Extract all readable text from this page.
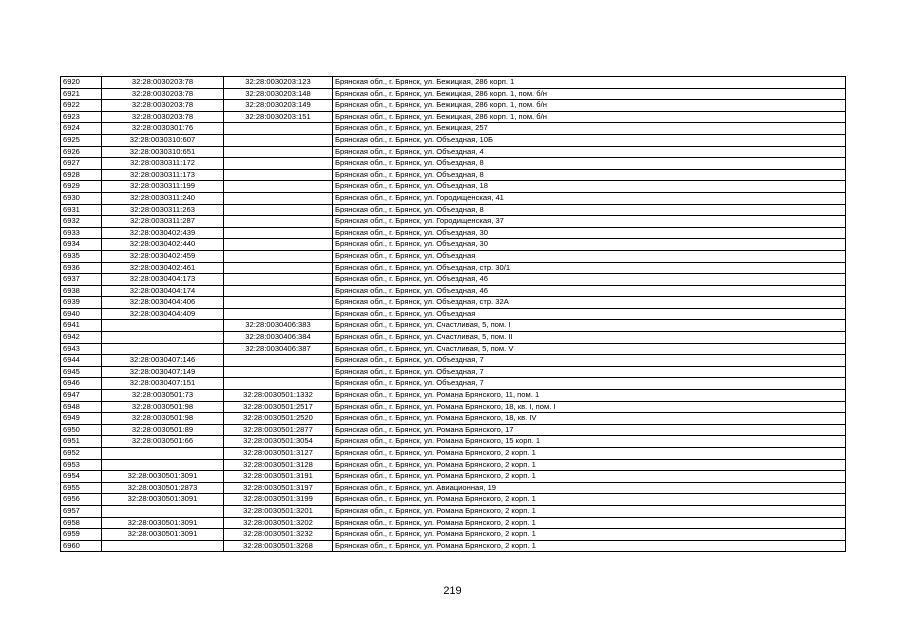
6920	32:28:0030203:78	32:28:0030203:123	Брянская обл., г. Брянск, ул. Бежицкая, 286 корп. 1
6921	32:28:0030203:78	32:28:0030203:148	Брянская обл., г. Брянск, ул. Бежицкая, 286 корп. 1, пом. б/н
6922	32:28:0030203:78	32:28:0030203:149	Брянская обл., г. Брянск, ул. Бежицкая, 286 корп. 1, пом. б/н
6923	32:28:0030203:78	32:28:0030203:151	Брянская обл., г. Брянск, ул. Бежицкая, 286 корп. 1, пом. б/н
6924	32:28:0030301:76		Брянская обл., г. Брянск, ул. Бежицкая, 257
6925	32:28:0030310:607		Брянская обл., г. Брянск, ул. Объездная, 10Б
6926	32:28:0030310:651		Брянская обл., г. Брянск, ул. Объездная, 4
6927	32:28:0030311:172		Брянская обл., г. Брянск, ул. Объездная, 8
6928	32:28:0030311:173		Брянская обл., г. Брянск, ул. Объездная, 8
6929	32:28:0030311:199		Брянская обл., г. Брянск, ул. Объездная, 18
6930	32:28:0030311:240		Брянская обл., г. Брянск, ул. Городищенская, 41
6931	32:28:0030311:263		Брянская обл., г. Брянск, ул. Объездная, 8
6932	32:28:0030311:287		Брянская обл., г. Брянск, ул. Городищенская, 37
6933	32:28:0030402:439		Брянская обл., г. Брянск, ул. Объездная, 30
6934	32:28:0030402:440		Брянская обл., г. Брянск, ул. Объездная, 30
6935	32:28:0030402:459		Брянская обл., г. Брянск, ул. Объездная
6936	32:28:0030402:461		Брянская обл., г. Брянск, ул. Объездная, стр. 30/1
6937	32:28:0030404:173		Брянская обл., г. Брянск, ул. Объездная, 46
6938	32:28:0030404:174		Брянская обл., г. Брянск, ул. Объездная, 46
6939	32:28:0030404:406		Брянская обл., г. Брянск, ул. Объездная, стр. 32А
6940	32:28:0030404:409		Брянская обл., г. Брянск, ул. Объездная
6941		32:28:0030406:383	Брянская обл., г. Брянск, ул. Счастливая, 5, пом. I
6942		32:28:0030406:384	Брянская обл., г. Брянск, ул. Счастливая, 5, пом. II
6943		32:28:0030406:387	Брянская обл., г. Брянск, ул. Счастливая, 5, пом. V
6944	32:28:0030407:146		Брянская обл., г. Брянск, ул. Объездная, 7
6945	32:28:0030407:149		Брянская обл., г. Брянск, ул. Объездная, 7
6946	32:28:0030407:151		Брянская обл., г. Брянск, ул. Объездная, 7
6947	32:28:0030501:73	32:28:0030501:1332	Брянская обл., г. Брянск, ул. Романа Брянского, 11, пом. 1
6948	32:28:0030501:98	32:28:0030501:2517	Брянская обл., г. Брянск, ул. Романа Брянского, 18, кв. I, пом. I
6949	32:28:0030501:98	32:28:0030501:2520	Брянская обл., г. Брянск, ул. Романа Брянского, 18, кв. IV
6950	32:28:0030501:89	32:28:0030501:2877	Брянская обл., г. Брянск, ул. Романа Брянского, 17
6951	32:28:0030501:66	32:28:0030501:3054	Брянская обл., г. Брянск, ул. Романа Брянского, 15 корп. 1
6952		32:28:0030501:3127	Брянская обл., г. Брянск, ул. Романа Брянского, 2 корп. 1
6953		32:28:0030501:3128	Брянская обл., г. Брянск, ул. Романа Брянского, 2 корп. 1
6954	32:28:0030501:3091	32:28:0030501:3191	Брянская обл., г. Брянск, ул. Романа Брянского, 2 корп. 1
6955	32:28:0030501:2873	32:28:0030501:3197	Брянская обл., г. Брянск, ул. Авиационная, 19
6956	32:28:0030501:3091	32:28:0030501:3199	Брянская обл., г. Брянск, ул. Романа Брянского, 2 корп. 1
6957		32:28:0030501:3201	Брянская обл., г. Брянск, ул. Романа Брянского, 2 корп. 1
6958	32:28:0030501:3091	32:28:0030501:3202	Брянская обл., г. Брянск, ул. Романа Брянского, 2 корп. 1
6959	32:28:0030501:3091	32:28:0030501:3232	Брянская обл., г. Брянск, ул. Романа Брянского, 2 корп. 1
6960		32:28:0030501:3268	Брянская обл., г. Брянск, ул. Романа Брянского, 2 корп. 1
219
